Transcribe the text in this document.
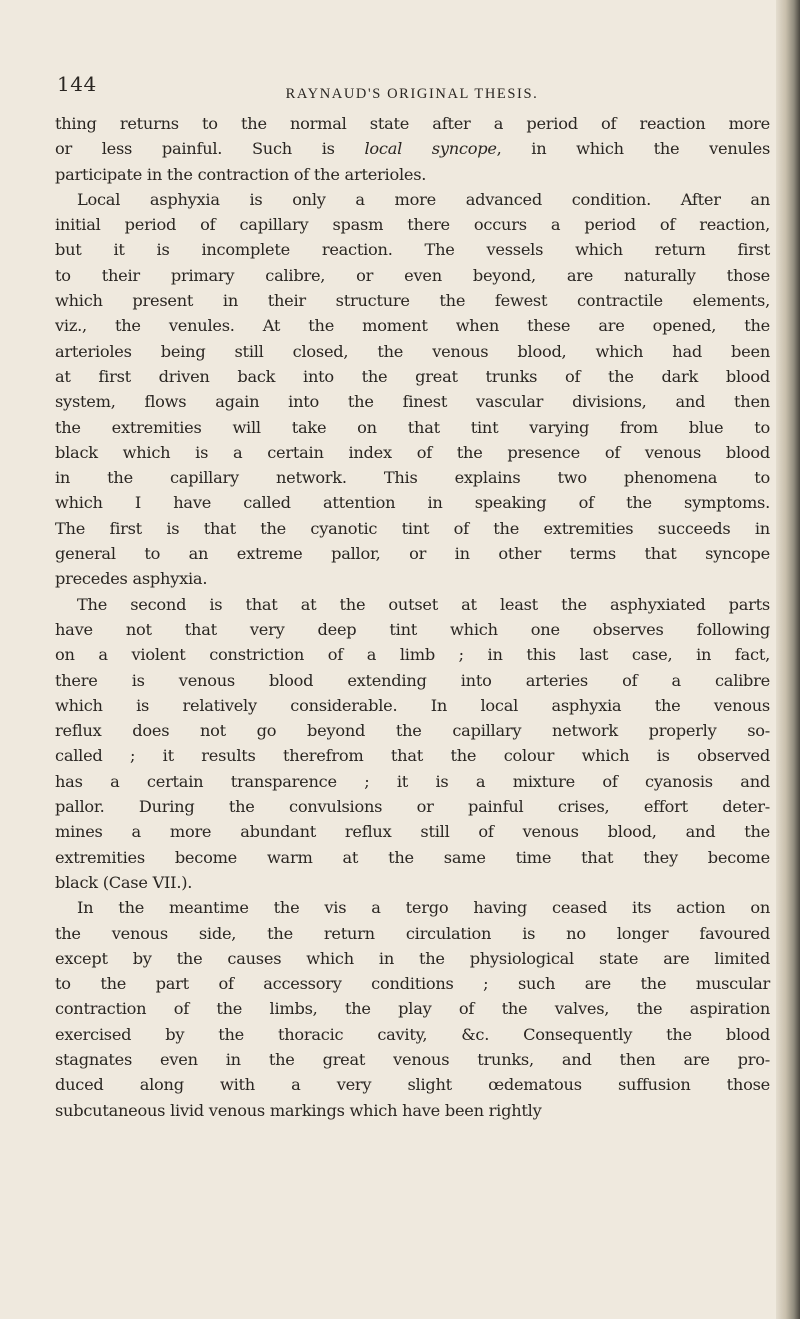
144	RAYNAUD'S ORIGINAL THESIS.
thing returns to the normal state after a period of reaction more
or less painful. Such is local syncope, in which the venules
participate in the contraction of the arterioles.
Local asphyxia is only a more advanced condition. After an
initial period of capillary spasm there occurs a period of reaction,
but it is incomplete reaction. The vessels which return first
to their primary calibre, or even beyond, are naturally those
which present in their structure the fewest contractile elements,
viz., the venules. At the moment when these are opened, the
arterioles being still closed, the venous blood, which had been
at first driven back into the great trunks of the dark blood
system, flows again into the finest vascular divisions, and then
the extremities will take on that tint varying from blue to
black which is a certain index of the presence of venous blood
in the capillary network. This explains two phenomena to
which I have called attention in speaking of the symptoms.
The first is that the cyanotic tint of the extremities succeeds in
general to an extreme pallor, or in other terms that syncope
precedes asphyxia.
The second is that at the outset at least the asphyxiated parts
have not that very deep tint which one observes following
on a violent constriction of a limb ; in this last case, in fact,
there is venous blood extending into arteries of a calibre
which is relatively considerable. In local asphyxia the venous
reflux does not go beyond the capillary network properly so-
called ; it results therefrom that the colour which is observed
has a certain transparence ; it is a mixture of cyanosis and
pallor. During the convulsions or painful crises, effort deter-
mines a more abundant reflux still of venous blood, and the
extremities become warm at the same time that they become
black (Case VII.).
In the meantime the vis a tergo having ceased its action on
the venous side, the return circulation is no longer favoured
except by the causes which in the physiological state are limited
to the part of accessory conditions ; such are the muscular
contraction of the limbs, the play of the valves, the aspiration
exercised by the thoracic cavity, &c. Consequently the blood
stagnates even in the great venous trunks, and then are pro-
duced along with a very slight œdematous suffusion those
subcutaneous livid venous markings which have been rightly
